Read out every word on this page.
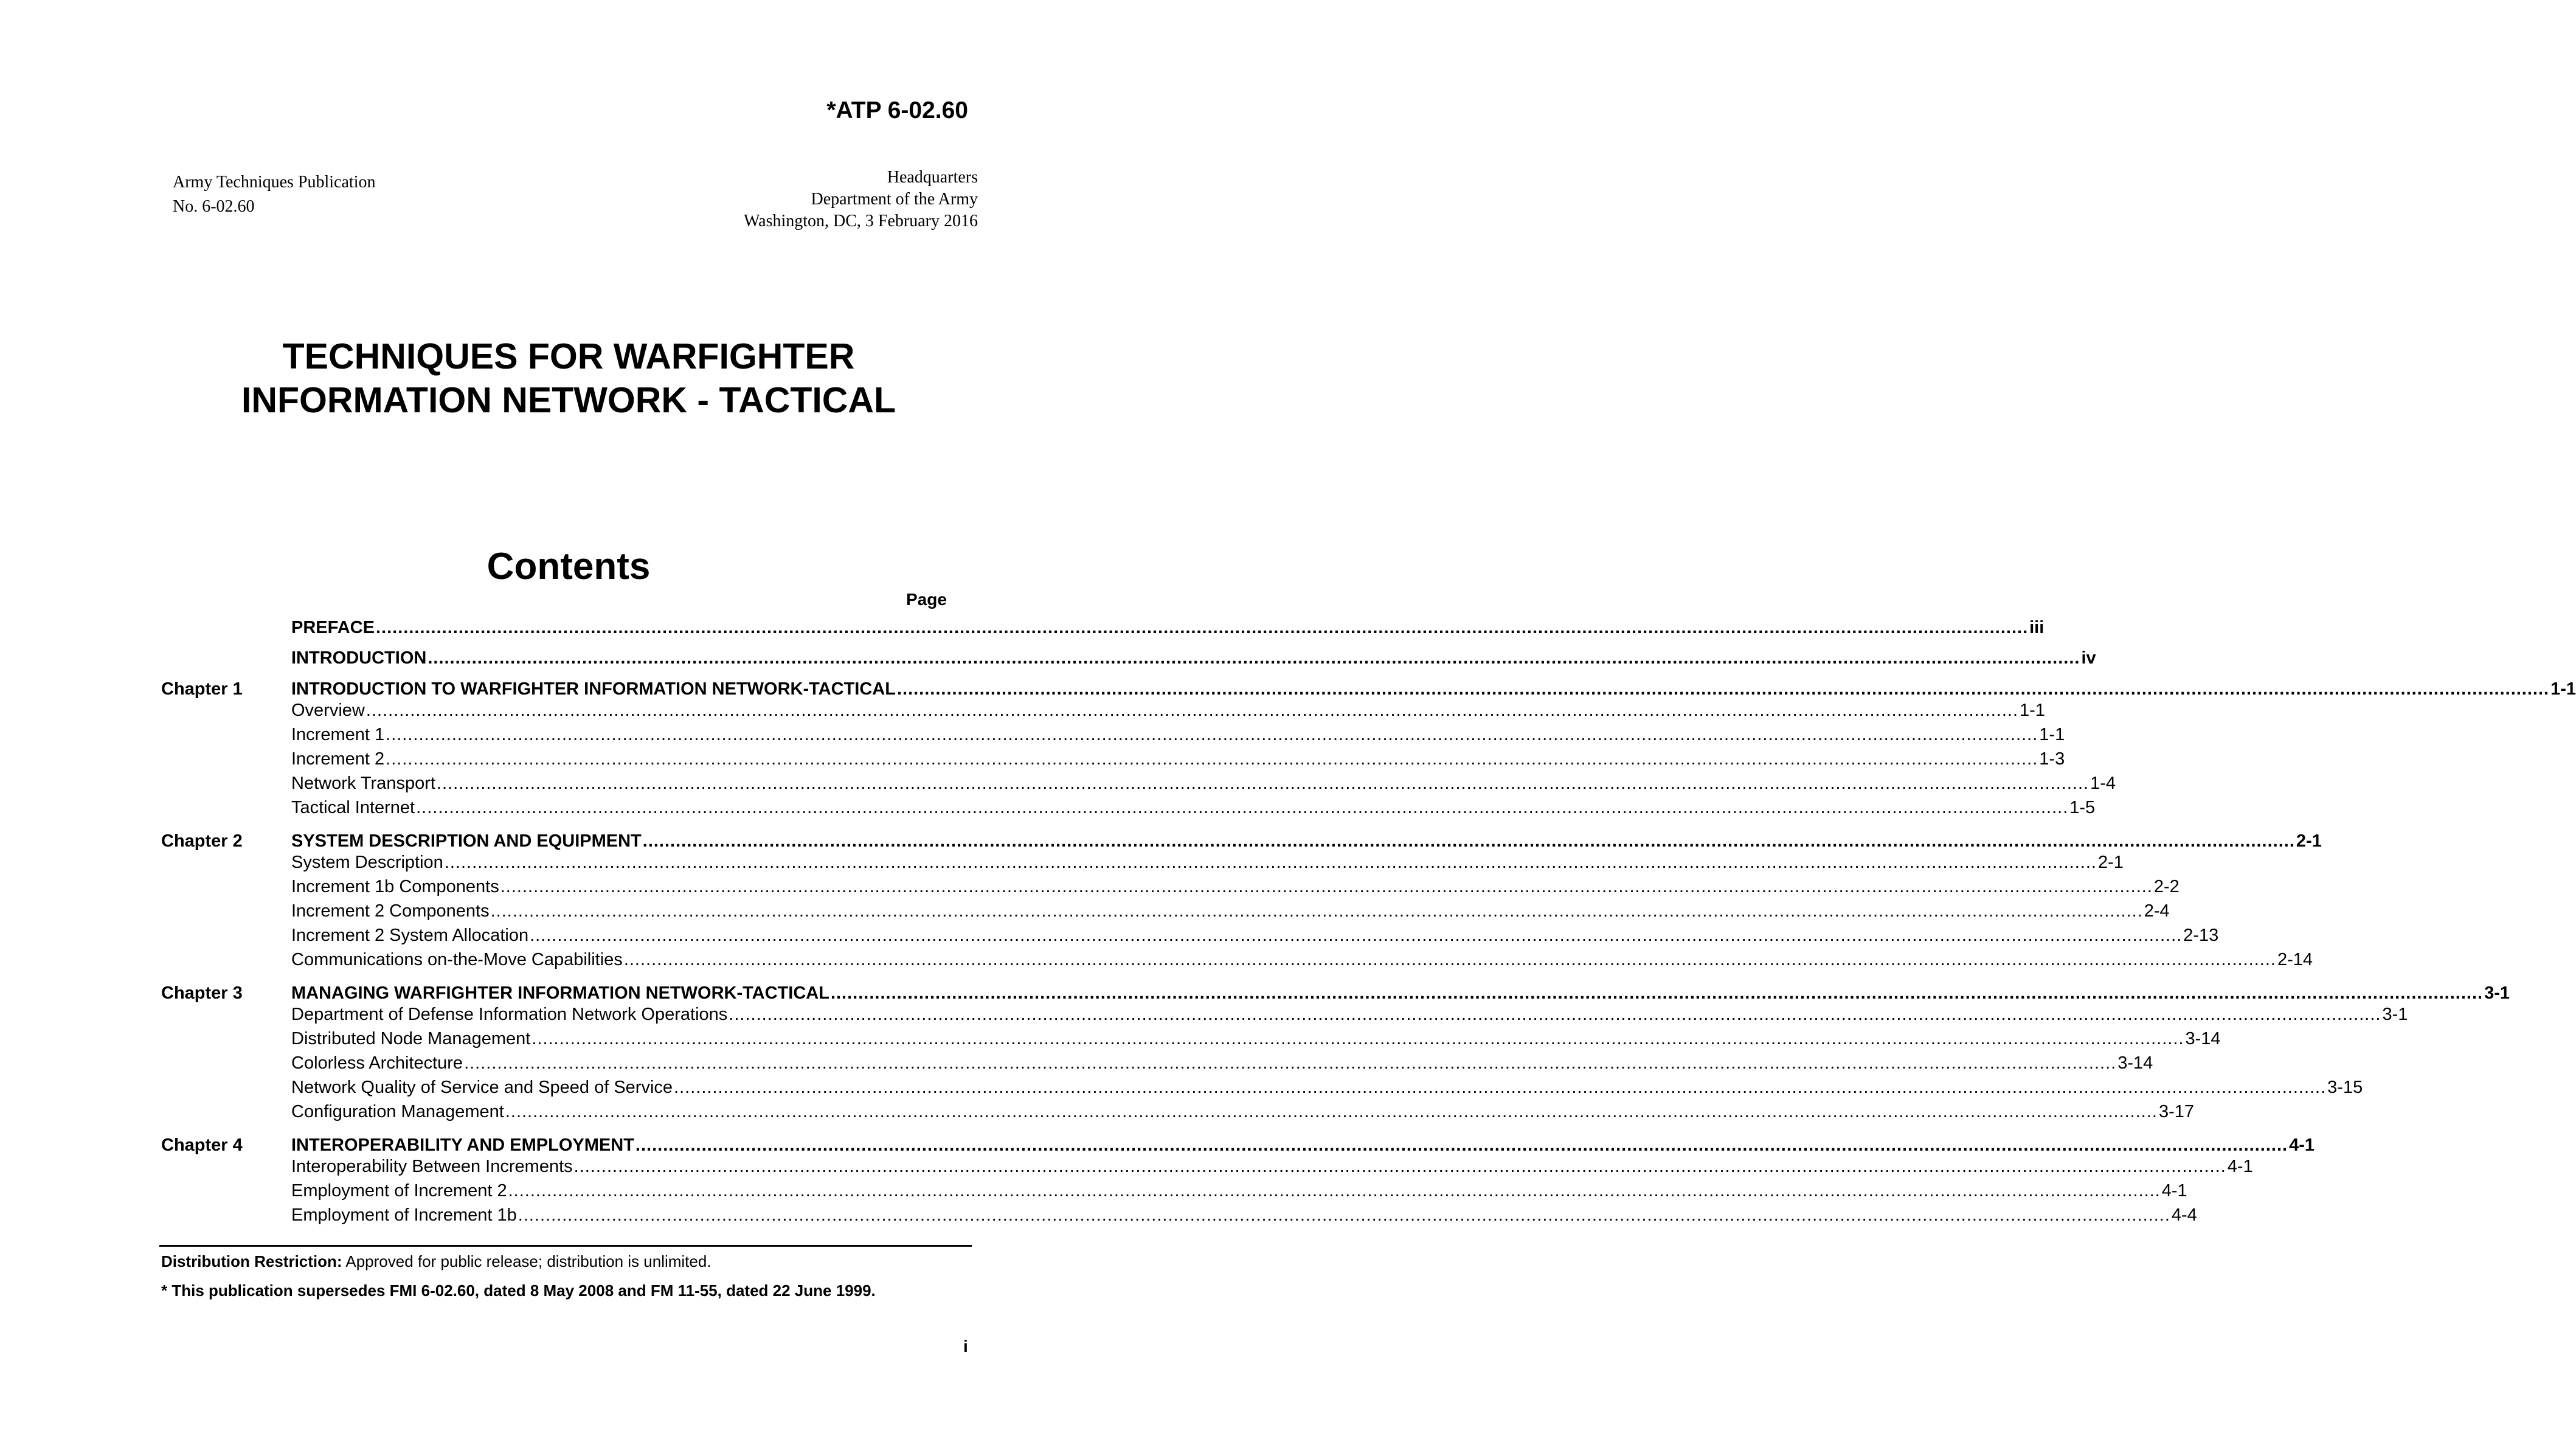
*ATP 6-02.60
Army Techniques Publication
No. 6-02.60
Headquarters
Department of the Army
Washington, DC, 3 February 2016
TECHNIQUES FOR WARFIGHTER
INFORMATION NETWORK - TACTICAL
Contents
Page
PREFACE ............................................................................................................................................................................................................................................................................................................ iii
INTRODUCTION ............................................................................................................................................................................................................................................................................................................ iv
Chapter 1	INTRODUCTION TO WARFIGHTER INFORMATION NETWORK-TACTICAL ............................................................................................................................................................................................................................................................................................................ 1-1
Overview ............................................................................................................................................................................................................................................................................................................ 1-1
Increment 1 ............................................................................................................................................................................................................................................................................................................ 1-1
Increment 2 ............................................................................................................................................................................................................................................................................................................ 1-3
Network Transport ............................................................................................................................................................................................................................................................................................................ 1-4
Tactical Internet ............................................................................................................................................................................................................................................................................................................ 1-5
Chapter 2	SYSTEM DESCRIPTION AND EQUIPMENT ............................................................................................................................................................................................................................................................................................................ 2-1
System Description ............................................................................................................................................................................................................................................................................................................ 2-1
Increment 1b Components ............................................................................................................................................................................................................................................................................................................ 2-2
Increment 2 Components ............................................................................................................................................................................................................................................................................................................ 2-4
Increment 2 System Allocation ............................................................................................................................................................................................................................................................................................................ 2-13
Communications on-the-Move Capabilities ............................................................................................................................................................................................................................................................................................................ 2-14
Chapter 3	MANAGING WARFIGHTER INFORMATION NETWORK-TACTICAL ............................................................................................................................................................................................................................................................................................................ 3-1
Department of Defense Information Network Operations ............................................................................................................................................................................................................................................................................................................ 3-1
Distributed Node Management ............................................................................................................................................................................................................................................................................................................ 3-14
Colorless Architecture ............................................................................................................................................................................................................................................................................................................ 3-14
Network Quality of Service and Speed of Service ............................................................................................................................................................................................................................................................................................................ 3-15
Configuration Management ............................................................................................................................................................................................................................................................................................................ 3-17
Chapter 4	INTEROPERABILITY AND EMPLOYMENT ............................................................................................................................................................................................................................................................................................................ 4-1
Interoperability Between Increments ............................................................................................................................................................................................................................................................................................................ 4-1
Employment of Increment 2 ............................................................................................................................................................................................................................................................................................................ 4-1
Employment of Increment 1b ............................................................................................................................................................................................................................................................................................................ 4-4
Distribution Restriction: Approved for public release; distribution is unlimited.
* This publication supersedes FMI 6-02.60, dated 8 May 2008 and FM 11-55, dated 22 June 1999.
i
